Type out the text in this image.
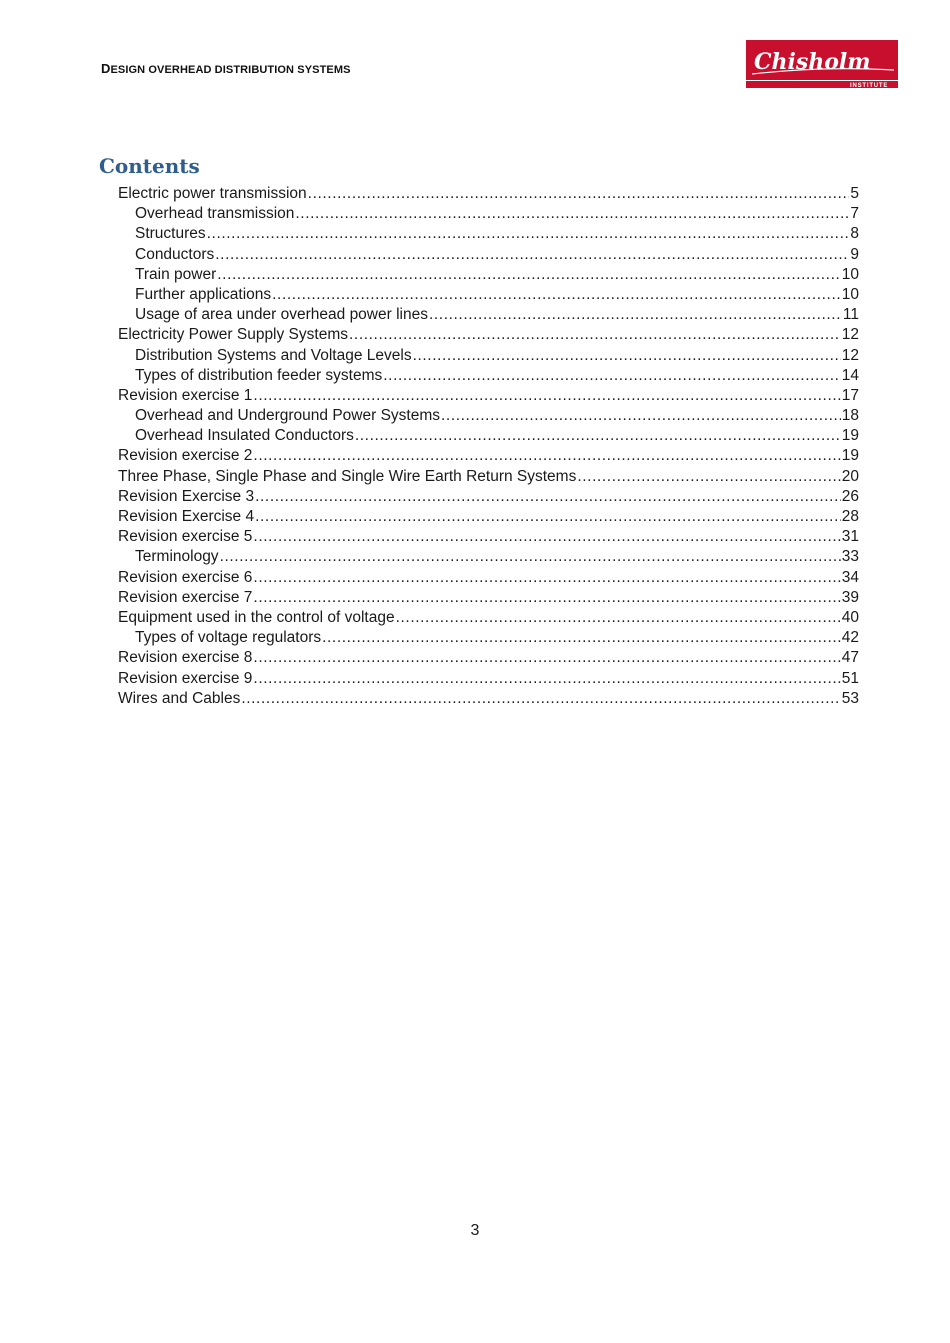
DESIGN OVERHEAD DISTRIBUTION SYSTEMS	Chisholm
INSTITUTE
Contents
Electric power transmission .....	5
Overhead transmission .....	7
Structures .....	8
Conductors .....	9
Train power .....	10
Further applications .....	10
Usage of area under overhead power lines .....	11
Electricity Power Supply Systems .....	12
Distribution Systems and Voltage Levels .....	12
Types of distribution feeder systems .....	14
Revision exercise 1 .....	17
Overhead and Underground Power Systems .....	18
Overhead Insulated Conductors .....	19
Revision exercise 2 .....	19
Three Phase, Single Phase and Single Wire Earth Return Systems .....	20
Revision Exercise 3 .....	26
Revision Exercise 4 .....	28
Revision exercise 5 .....	31
Terminology .....	33
Revision exercise 6 .....	34
Revision exercise 7 .....	39
Equipment used in the control of voltage .....	40
Types of voltage regulators .....	42
Revision exercise 8 .....	47
Revision exercise 9 .....	51
Wires and Cables .....	53
3
